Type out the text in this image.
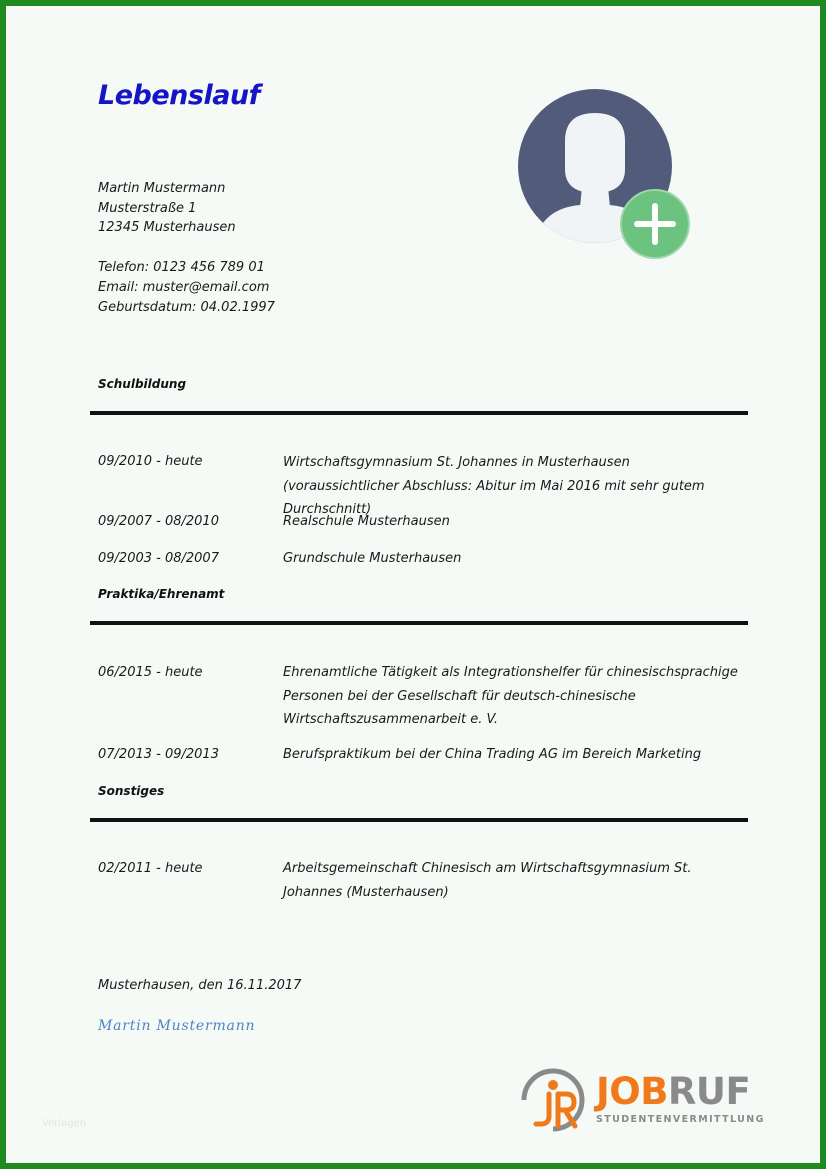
Lebenslauf
Martin Mustermann
Musterstraße 1
12345 Musterhausen
Telefon: 0123 456 789 01
Email: muster@email.com
Geburtsdatum: 04.02.1997
Schulbildung
09/2010 - heute	Wirtschaftsgymnasium St. Johannes in Musterhausen (voraussichtlicher Abschluss: Abitur im Mai 2016 mit sehr gutem Durchschnitt)
09/2007 - 08/2010	Realschule Musterhausen
09/2003 - 08/2007	Grundschule Musterhausen
Praktika/Ehrenamt
06/2015 - heute	Ehrenamtliche Tätigkeit als Integrationshelfer für chinesischsprachige Personen bei der Gesellschaft für deutsch-chinesische Wirtschaftszusammenarbeit e. V.
07/2013 - 09/2013	Berufspraktikum bei der China Trading AG im Bereich Marketing
Sonstiges
02/2011 - heute	Arbeitsgemeinschaft Chinesisch am Wirtschaftsgymnasium St. Johannes (Musterhausen)
Musterhausen, den 16.11.2017
Martin Mustermann
Vorlagen
JOBRUF
STUDENTENVERMITTLUNG
